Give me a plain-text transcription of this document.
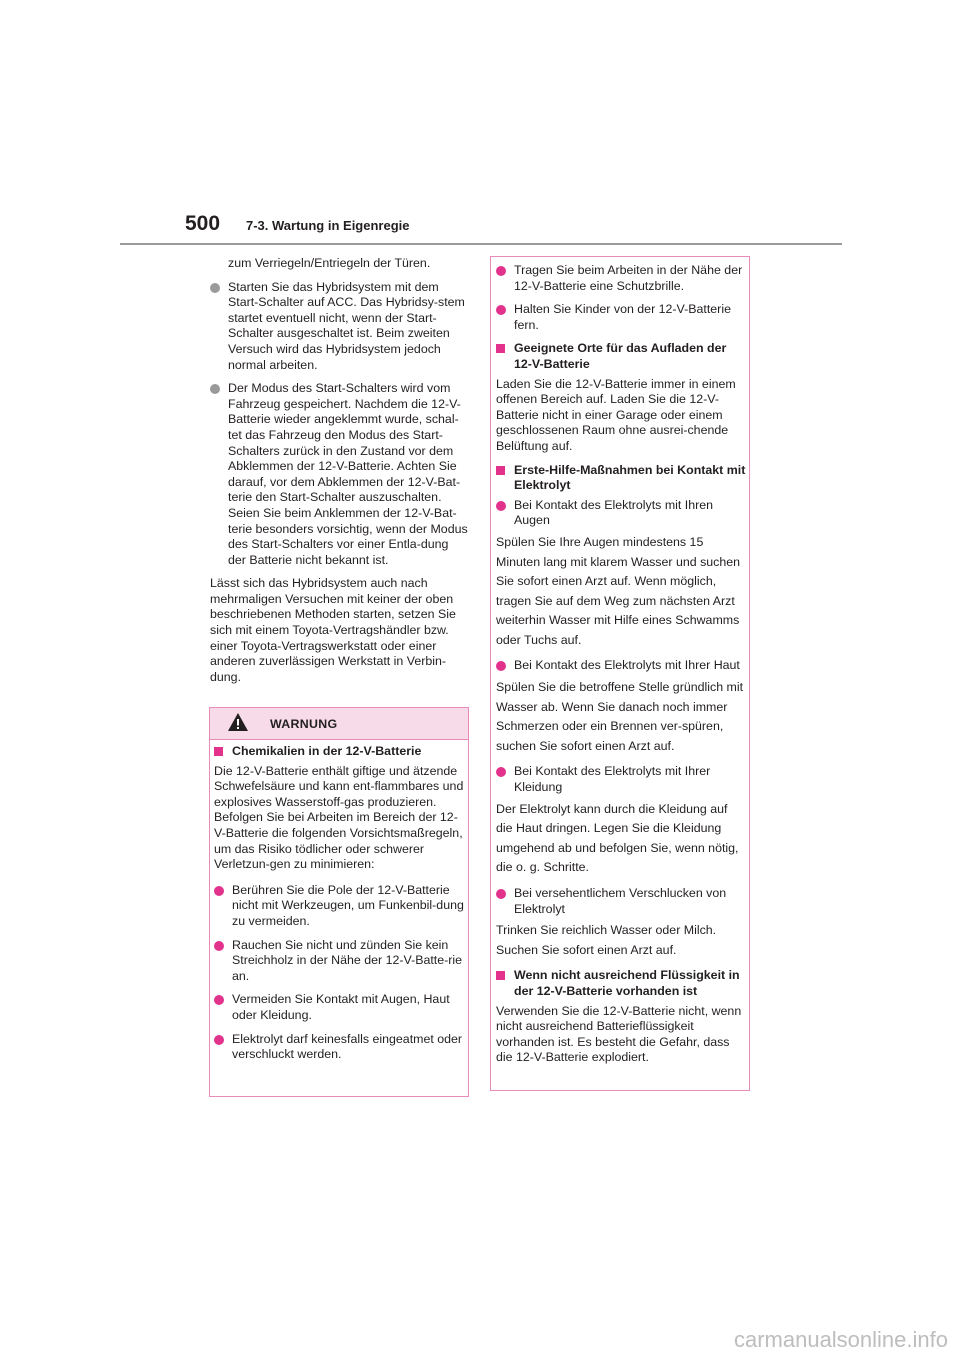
500 7-3. Wartung in Eigenregie

zum Verriegeln/Entriegeln der Türen.

Starten Sie das Hybridsystem mit dem Start-Schalter auf ACC. Das Hybridsy-stem startet eventuell nicht, wenn der Start-Schalter ausgeschaltet ist. Beim zweiten Versuch wird das Hybridsystem jedoch normal arbeiten.
Der Modus des Start-Schalters wird vom Fahrzeug gespeichert. Nachdem die 12-V-Batterie wieder angeklemmt wurde, schal-tet das Fahrzeug den Modus des Start-Schalters zurück in den Zustand vor dem Abklemmen der 12-V-Batterie. Achten Sie darauf, vor dem Abklemmen der 12-V-Bat-terie den Start-Schalter auszuschalten. Seien Sie beim Anklemmen der 12-V-Bat-terie besonders vorsichtig, wenn der Modus des Start-Schalters vor einer Entla-dung der Batterie nicht bekannt ist.

Lässt sich das Hybridsystem auch nach mehrmaligen Versuchen mit keiner der oben beschriebenen Methoden starten, setzen Sie sich mit einem Toyota-Vertragshändler bzw. einer Toyota-Vertragswerkstatt oder einer anderen zuverlässigen Werkstatt in Verbin-dung.

WARNUNG
Chemikalien in der 12-V-Batterie

Die 12-V-Batterie enthält giftige und ätzende Schwefelsäure und kann ent-flammbares und explosives Wasserstoff-gas produzieren. Befolgen Sie bei Arbeiten im Bereich der 12-V-Batterie die folgenden Vorsichtsmaßregeln, um das Risiko tödlicher oder schwerer Verletzun-gen zu minimieren:

Berühren Sie die Pole der 12-V-Batterie nicht mit Werkzeugen, um Funkenbil-dung zu vermeiden.
Rauchen Sie nicht und zünden Sie kein Streichholz in der Nähe der 12-V-Batte-rie an.
Vermeiden Sie Kontakt mit Augen, Haut oder Kleidung.
Elektrolyt darf keinesfalls eingeatmet oder verschluckt werden.
Tragen Sie beim Arbeiten in der Nähe der 12-V-Batterie eine Schutzbrille.
Halten Sie Kinder von der 12-V-Batterie fern.
Geeignete Orte für das Aufladen der 12-V-Batterie

Laden Sie die 12-V-Batterie immer in einem offenen Bereich auf. Laden Sie die 12-V-Batterie nicht in einer Garage oder einem geschlossenen Raum ohne ausrei-chende Belüftung auf.

Erste-Hilfe-Maßnahmen bei Kontakt mit Elektrolyt
Bei Kontakt des Elektrolyts mit Ihren Augen

Spülen Sie Ihre Augen mindestens 15 Minuten lang mit klarem Wasser und suchen Sie sofort einen Arzt auf. Wenn möglich, tragen Sie auf dem Weg zum nächsten Arzt weiterhin Wasser mit Hilfe eines Schwamms oder Tuchs auf.

Bei Kontakt des Elektrolyts mit Ihrer Haut

Spülen Sie die betroffene Stelle gründlich mit Wasser ab. Wenn Sie danach noch immer Schmerzen oder ein Brennen ver-spüren, suchen Sie sofort einen Arzt auf.

Bei Kontakt des Elektrolyts mit Ihrer Kleidung

Der Elektrolyt kann durch die Kleidung auf die Haut dringen. Legen Sie die Kleidung umgehend ab und befolgen Sie, wenn nötig, die o. g. Schritte.

Bei versehentlichem Verschlucken von Elektrolyt

Trinken Sie reichlich Wasser oder Milch. Suchen Sie sofort einen Arzt auf.

Wenn nicht ausreichend Flüssigkeit in der 12-V-Batterie vorhanden ist

Verwenden Sie die 12-V-Batterie nicht, wenn nicht ausreichend Batterieflüssigkeit vorhanden ist. Es besteht die Gefahr, dass die 12-V-Batterie explodiert.

carmanualsonline.info
